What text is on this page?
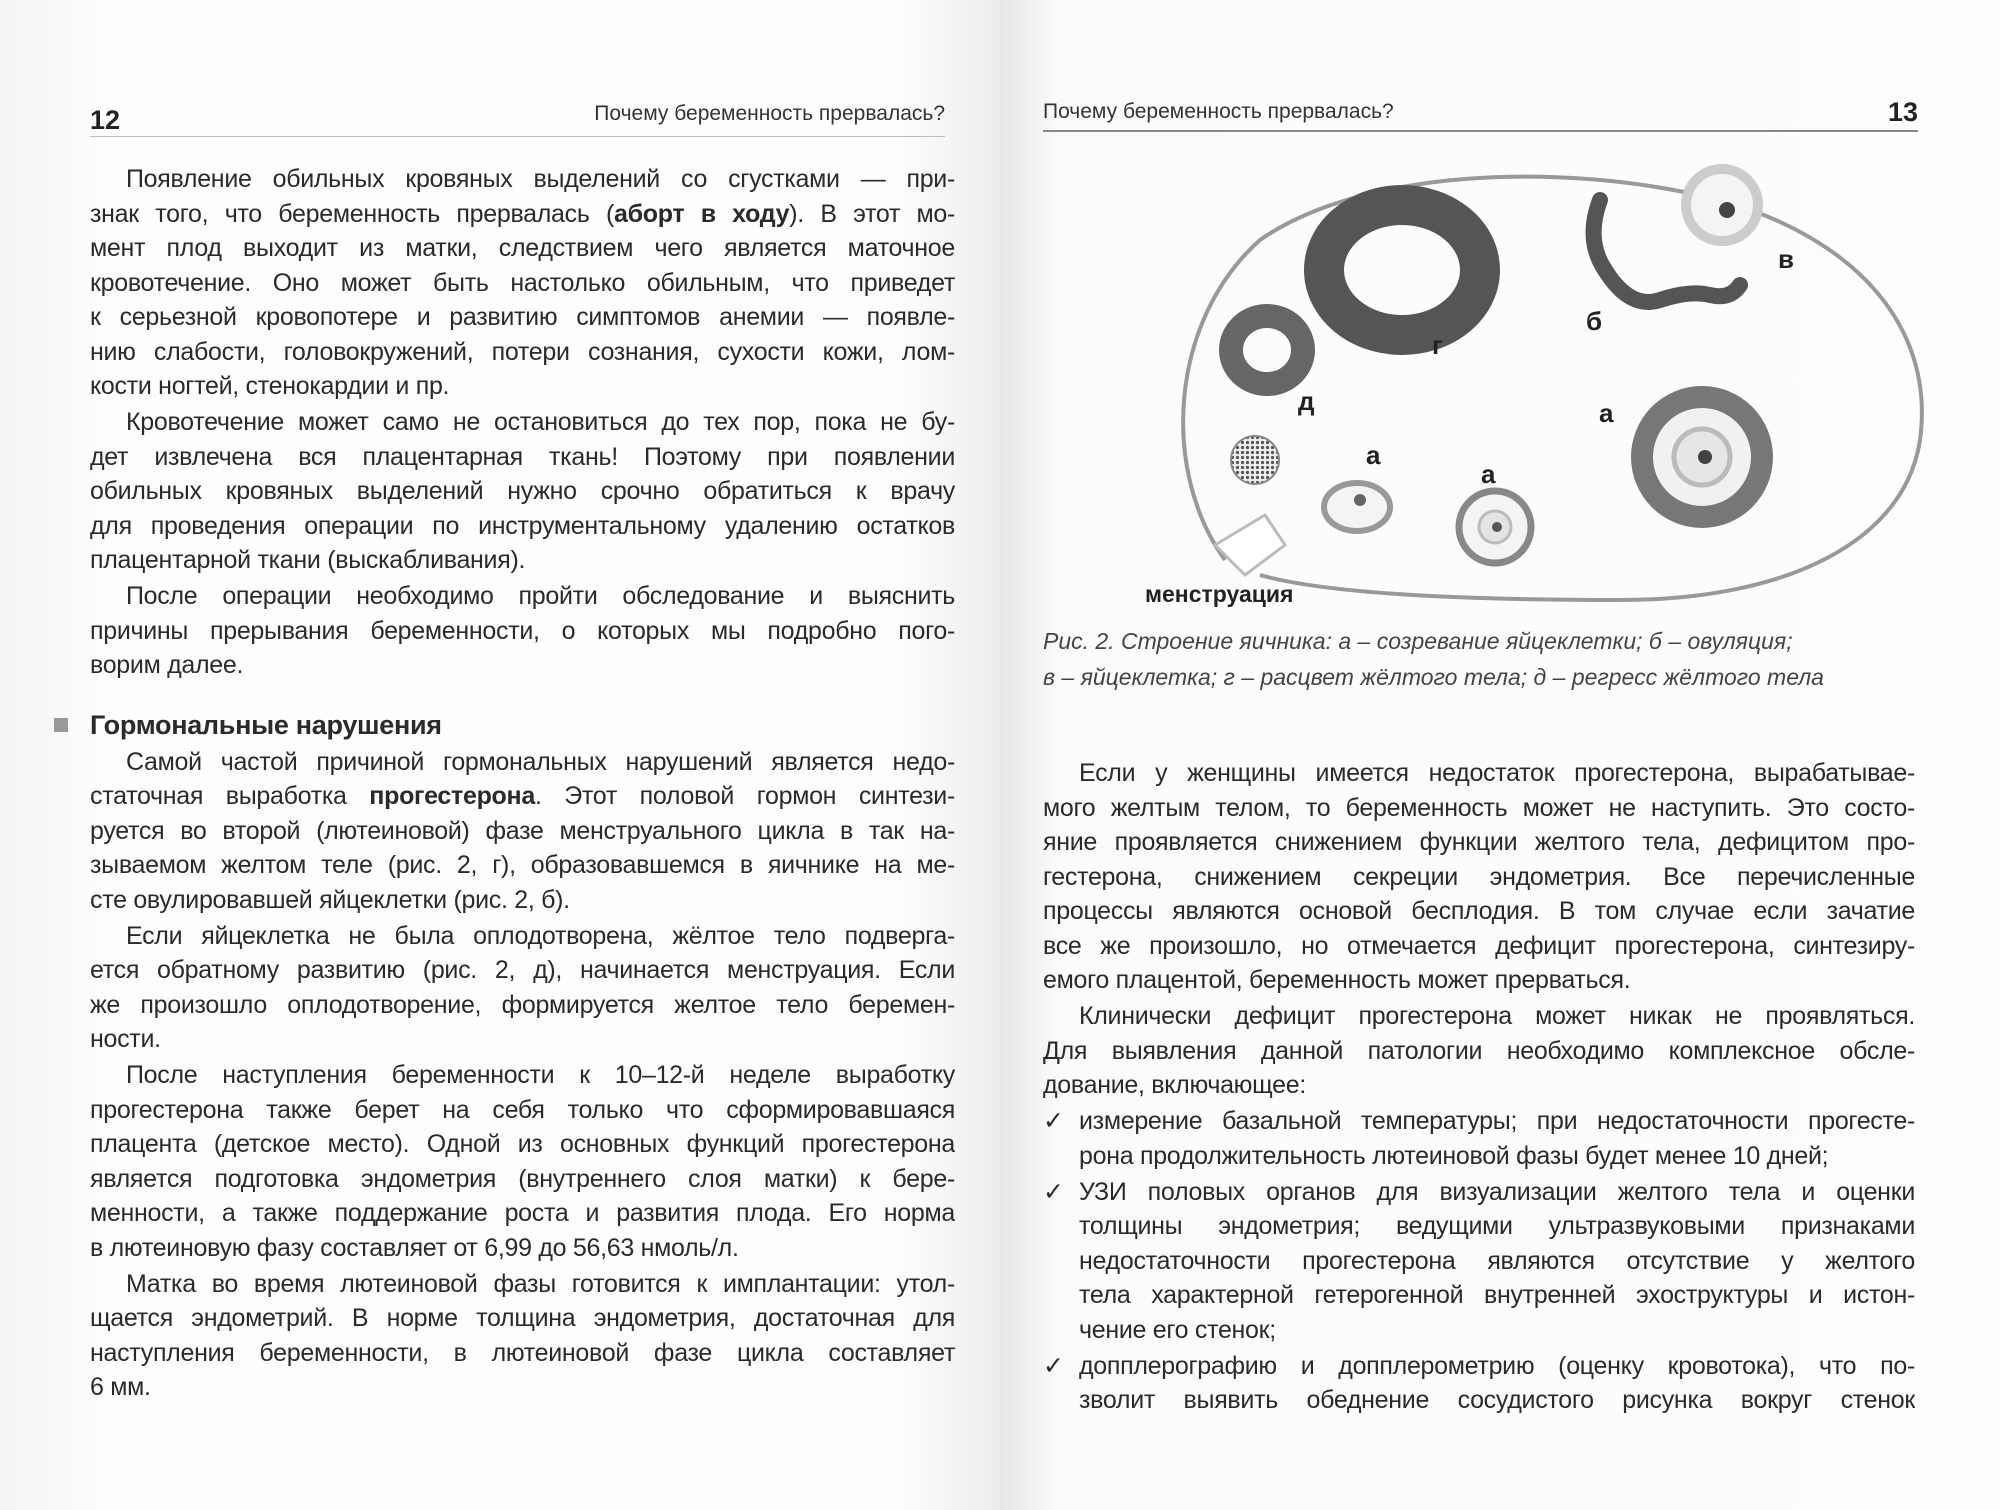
12	Почему беременность прервалась?
Появление обильных кровяных выделений со сгустками — при-
знак того, что беременность прервалась (аборт в ходу). В этот мо-
мент плод выходит из матки, следствием чего является маточное
кровотечение. Оно может быть настолько обильным, что приведет
к серьезной кровопотере и развитию симптомов анемии — появле-
нию слабости, головокружений, потери сознания, сухости кожи, лом-
кости ногтей, стенокардии и пр.
Кровотечение может само не остановиться до тех пор, пока не бу-
дет извлечена вся плацентарная ткань! Поэтому при появлении
обильных кровяных выделений нужно срочно обратиться к врачу
для проведения операции по инструментальному удалению остатков
плацентарной ткани (выскабливания).
После операции необходимо пройти обследование и выяснить
причины прерывания беременности, о которых мы подробно пого-
ворим далее.
Гормональные нарушения
Самой частой причиной гормональных нарушений является недо-
статочная выработка прогестерона. Этот половой гормон синтези-
руется во второй (лютеиновой) фазе менструального цикла в так на-
зываемом желтом теле (рис. 2, г), образовавшемся в яичнике на ме-
сте овулировавшей яйцеклетки (рис. 2, б).
Если яйцеклетка не была оплодотворена, жёлтое тело подверга-
ется обратному развитию (рис. 2, д), начинается менструация. Если
же произошло оплодотворение, формируется желтое тело беремен-
ности.
После наступления беременности к 10–12-й неделе выработку
прогестерона также берет на себя только что сформировавшаяся
плацента (детское место). Одной из основных функций прогестерона
является подготовка эндометрия (внутреннего слоя матки) к бере-
менности, а также поддержание роста и развития плода. Его норма
в лютеиновую фазу составляет от 6,99 до 56,63 нмоль/л.
Матка во время лютеиновой фазы готовится к имплантации: утол-
щается эндометрий. В норме толщина эндометрия, достаточная для
наступления беременности, в лютеиновой фазе цикла составляет
6 мм.
Почему беременность прервалась?	13
г
б
в
д	а
а
а
менструация
Рис. 2. Строение яичника: а – созревание яйцеклетки; б – овуляция;
в – яйцеклетка; г – расцвет жёлтого тела; д – регресс жёлтого тела
Если у женщины имеется недостаток прогестерона, вырабатывае-
мого желтым телом, то беременность может не наступить. Это состо-
яние проявляется снижением функции желтого тела, дефицитом про-
гестерона, снижением секреции эндометрия. Все перечисленные
процессы являются основой бесплодия. В том случае если зачатие
все же произошло, но отмечается дефицит прогестерона, синтезиру-
емого плацентой, беременность может прерваться.
Клинически дефицит прогестерона может никак не проявляться.
Для выявления данной патологии необходимо комплексное обсле-
дование, включающее:
✓ измерение базальной температуры; при недостаточности прогесте-
рона продолжительность лютеиновой фазы будет менее 10 дней;
✓ УЗИ половых органов для визуализации желтого тела и оценки
толщины эндометрия; ведущими ультразвуковыми признаками
недостаточности прогестерона являются отсутствие у желтого
тела характерной гетерогенной внутренней эхоструктуры и истон-
чение его стенок;
✓ допплерографию и допплерометрию (оценку кровотока), что по-
зволит выявить обеднение сосудистого рисунка вокруг стенок
